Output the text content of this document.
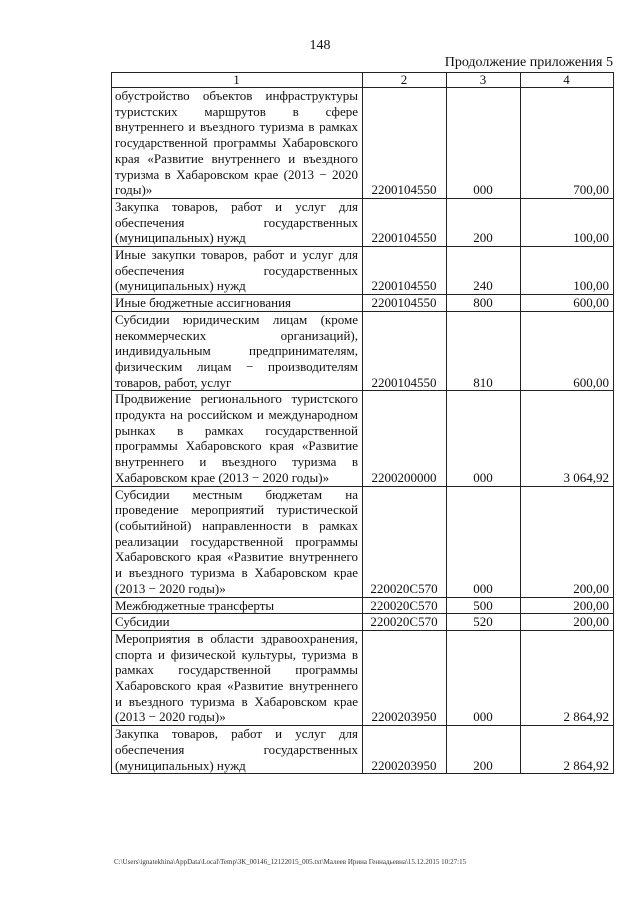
148
Продолжение приложения 5
1	2	3	4
обустройство объектов инфраструктуры туристских маршрутов в сфере внутреннего и въездного туризма в рамках государственной программы Хабаровского края «Развитие внутреннего и въездного туризма в Хабаровском крае (2013 − 2020 годы)»	2200104550	000	700,00
Закупка товаров, работ и услуг для обеспечения государственных (муниципальных) нужд	2200104550	200	100,00
Иные закупки товаров, работ и услуг для обеспечения государственных (муниципальных) нужд	2200104550	240	100,00
Иные бюджетные ассигнования	2200104550	800	600,00
Субсидии юридическим лицам (кроме некоммерческих организаций), индивидуальным предпринимателям, физическим лицам − производителям товаров, работ, услуг	2200104550	810	600,00
Продвижение регионального туристского продукта на российском и международном рынках в рамках государственной программы Хабаровского края «Развитие внутреннего и въездного туризма в Хабаровском крае (2013 − 2020 годы)»	2200200000	000	3 064,92
Субсидии местным бюджетам на проведение мероприятий туристической (событийной) направленности в рамках реализации государственной программы Хабаровского края «Развитие внутреннего и въездного туризма в Хабаровском крае (2013 − 2020 годы)»	220020С570	000	200,00
Межбюджетные трансферты	220020С570	500	200,00
Субсидии	220020С570	520	200,00
Мероприятия в области здравоохранения, спорта и физической культуры, туризма в рамках государственной программы Хабаровского края «Развитие внутреннего и въездного туризма в Хабаровском крае (2013 − 2020 годы)»	2200203950	000	2 864,92
Закупка товаров, работ и услуг для обеспечения государственных (муниципальных) нужд	2200203950	200	2 864,92
C:\Users\ignatekhina\AppData\Local\Temp\ЗК_00146_12122015_005.txt\Малеев Ирина Геннадьевна\15.12.2015 10:27:15
